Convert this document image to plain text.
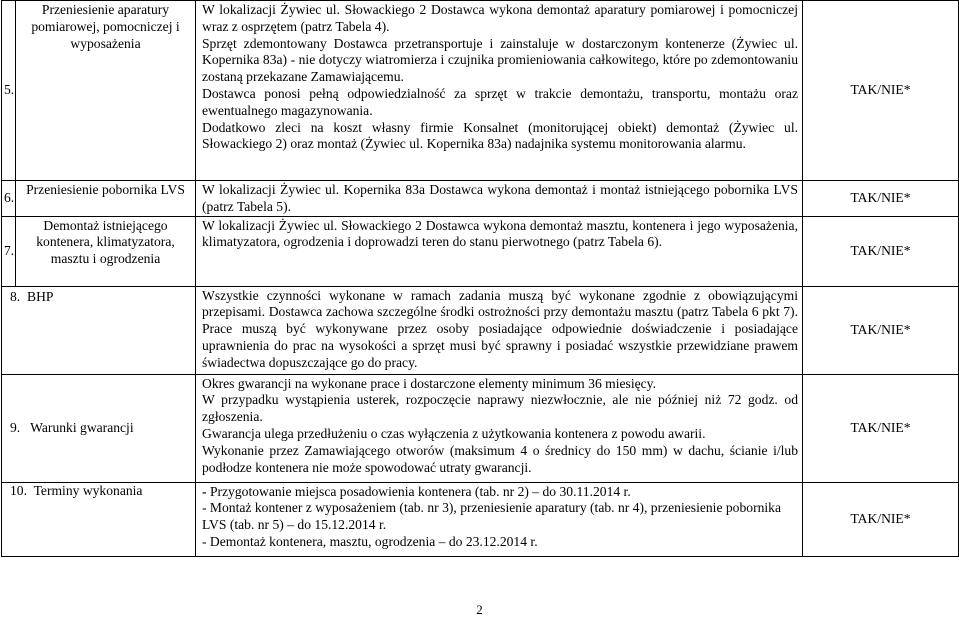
5.	Przeniesienie aparatury pomiarowej, pomocniczej i wyposażenia	W lokalizacji Żywiec ul. Słowackiego 2 Dostawca wykona demontaż aparatury pomiarowej i pomocniczej wraz z osprzętem (patrz Tabela 4).
Sprzęt zdemontowany Dostawca przetransportuje i zainstaluje w dostarczonym kontenerze (Żywiec ul. Kopernika 83a) - nie dotyczy wiatromierza i czujnika promieniowania całkowitego, które po zdemontowaniu zostaną przekazane Zamawiającemu.
Dostawca ponosi pełną odpowiedzialność za sprzęt w trakcie demontażu, transportu, montażu oraz ewentualnego magazynowania.
Dodatkowo zleci na koszt własny firmie Konsalnet (monitorującej obiekt) demontaż (Żywiec ul. Słowackiego 2) oraz montaż (Żywiec ul. Kopernika 83a) nadajnika systemu monitorowania alarmu.	TAK/NIE*
6.	Przeniesienie pobornika LVS	W lokalizacji Żywiec ul. Kopernika 83a Dostawca wykona demontaż i montaż istniejącego pobornika LVS (patrz Tabela 5).	TAK/NIE*
7.	Demontaż istniejącego kontenera, klimatyzatora, masztu i ogrodzenia	W lokalizacji Żywiec ul. Słowackiego 2 Dostawca wykona demontaż masztu, kontenera i jego wyposażenia, klimatyzatora, ogrodzenia i doprowadzi teren do stanu pierwotnego (patrz Tabela 6).	TAK/NIE*
8. BHP		Wszystkie czynności wykonane w ramach zadania muszą być wykonane zgodnie z obowiązującymi przepisami. Dostawca zachowa szczególne środki ostrożności przy demontażu masztu (patrz Tabela 6 pkt 7). Prace muszą być wykonywane przez osoby posiadające odpowiednie doświadczenie i posiadające uprawnienia do prac na wysokości a sprzęt musi być sprawny i posiadać wszystkie przewidziane prawem świadectwa dopuszczające go do pracy.	TAK/NIE*
9. Warunki gwarancji		Okres gwarancji na wykonane prace i dostarczone elementy minimum 36 miesięcy.
W przypadku wystąpienia usterek, rozpoczęcie naprawy niezwłocznie, ale nie później niż 72 godz. od zgłoszenia.
Gwarancja ulega przedłużeniu o czas wyłączenia z użytkowania kontenera z powodu awarii.
Wykonanie przez Zamawiającego otworów (maksimum 4 o średnicy do 150 mm) w dachu, ścianie i/lub podłodze kontenera nie może spowodować utraty gwarancji.	TAK/NIE*
10. Terminy wykonania		- Przygotowanie miejsca posadowienia kontenera (tab. nr 2) – do 30.11.2014 r.
- Montaż kontener z wyposażeniem (tab. nr 3), przeniesienie aparatury (tab. nr 4), przeniesienie pobornika LVS (tab. nr 5) – do 15.12.2014 r.
- Demontaż kontenera, masztu, ogrodzenia – do 23.12.2014 r.	TAK/NIE*
2
